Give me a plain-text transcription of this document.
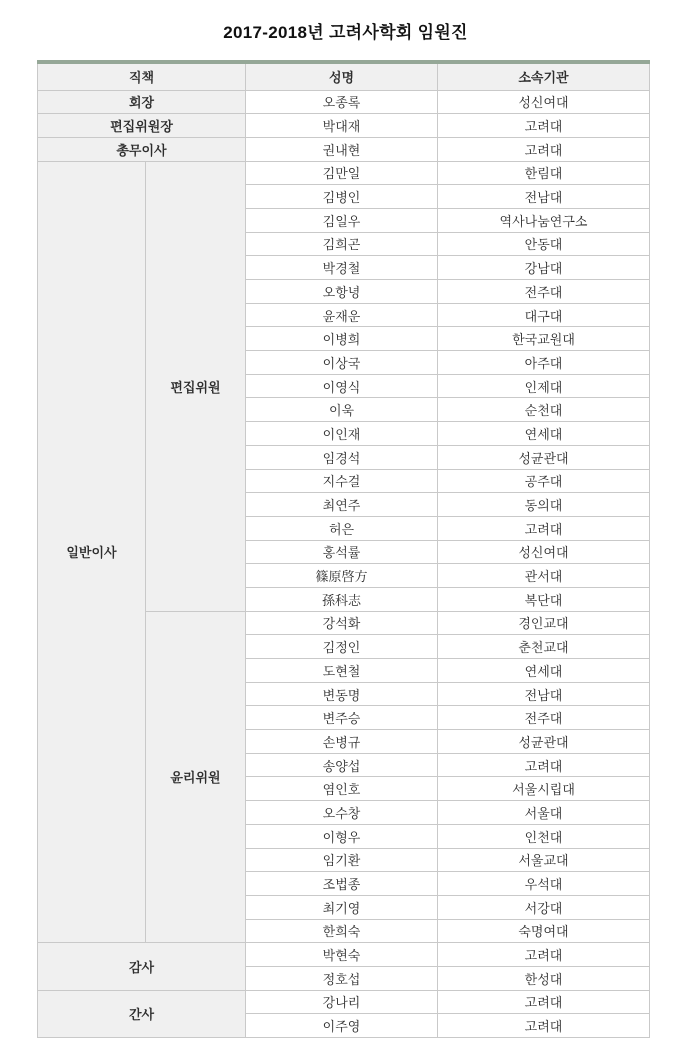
2017-2018년 고려사학회 임원진
직책		성명	소속기관
회장		오종록	성신여대
편집위원장		박대재	고려대
총무이사		권내현	고려대
일반이사	편집위원	김만일	한림대
		김병인	전남대
		김일우	역사나눔연구소
		김희곤	안동대
		박경철	강남대
		오항녕	전주대
		윤재운	대구대
		이병희	한국교원대
		이상국	아주대
		이영식	인제대
		이욱	순천대
		이인재	연세대
		임경석	성균관대
		지수걸	공주대
		최연주	동의대
		허은	고려대
		홍석률	성신여대
		篠原啓方	관서대
		孫科志	복단대
	윤리위원	강석화	경인교대
		김정인	춘천교대
		도현철	연세대
		변동명	전남대
		변주승	전주대
		손병규	성균관대
		송양섭	고려대
		염인호	서울시립대
		오수창	서울대
		이형우	인천대
		임기환	서울교대
		조법종	우석대
		최기영	서강대
		한희숙	숙명여대
감사		박현숙	고려대
		정호섭	한성대
간사		강나리	고려대
		이주영	고려대
